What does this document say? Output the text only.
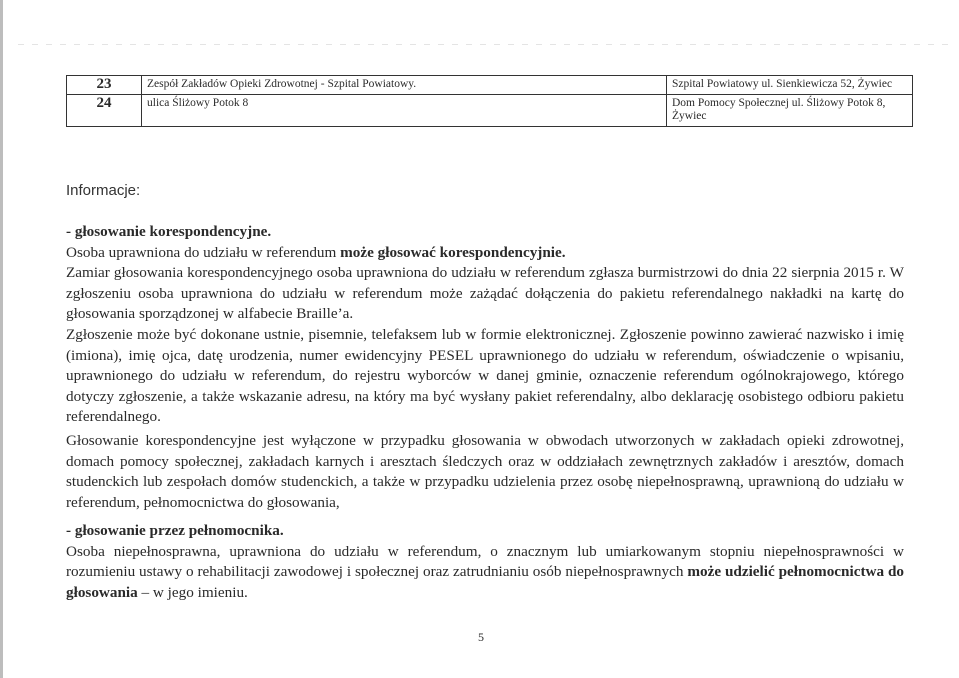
23	Zespół Zakładów Opieki Zdrowotnej - Szpital Powiatowy.	Szpital Powiatowy ul. Sienkiewicza 52, Żywiec
24	ulica Śliżowy Potok 8	Dom Pomocy Społecznej ul. Śliżowy Potok 8, Żywiec
Informacje:

- głosowanie korespondencyjne.

Osoba uprawniona do udziału w referendum może głosować korespondencyjnie.

Zamiar głosowania korespondencyjnego osoba uprawniona do udziału w referendum zgłasza burmistrzowi do dnia 22 sierpnia 2015 r. W zgłoszeniu osoba uprawniona do udziału w referendum może zażądać dołączenia do pakietu referendalnego nakładki na kartę do głosowania sporządzonej w alfabecie Braille’a.

Zgłoszenie może być dokonane ustnie, pisemnie, telefaksem lub w formie elektronicznej. Zgłoszenie powinno zawierać nazwisko i imię (imiona), imię ojca, datę urodzenia, numer ewidencyjny PESEL uprawnionego do udziału w referendum, oświadczenie o wpisaniu, uprawnionego do udziału w referendum, do rejestru wyborców w danej gminie, oznaczenie referendum ogólnokrajowego, którego dotyczy zgłoszenie, a także wskazanie adresu, na który ma być wysłany pakiet referendalny, albo deklarację osobistego odbioru pakietu referendalnego.

Głosowanie korespondencyjne jest wyłączone w przypadku głosowania w obwodach utworzonych w zakładach opieki zdrowotnej, domach pomocy społecznej, zakładach karnych i aresztach śledczych oraz w oddziałach zewnętrznych zakładów i aresztów, domach studenckich lub zespołach domów studenckich, a także w przypadku udzielenia przez osobę niepełnosprawną, uprawnioną do udziału w referendum, pełnomocnictwa do głosowania,

- głosowanie przez pełnomocnika.

Osoba niepełnosprawna, uprawniona do udziału w referendum, o znacznym lub umiarkowanym stopniu niepełnosprawności w rozumieniu ustawy o rehabilitacji zawodowej i społecznej oraz zatrudnianiu osób niepełnosprawnych może udzielić pełnomocnictwa do głosowania – w jego imieniu.

5
